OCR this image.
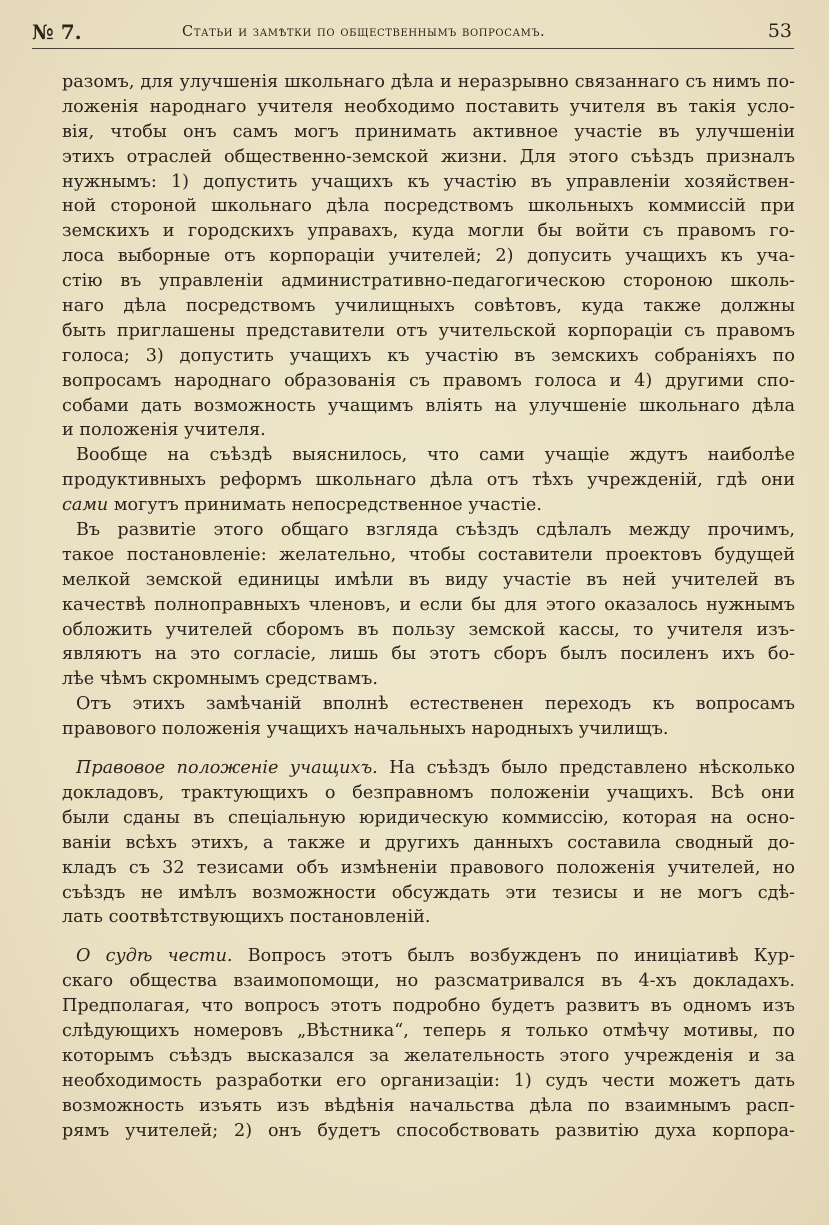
№ 7.	Статьи и замѣтки по общественнымъ вопросамъ.	53
разомъ, для улучшенія школьнаго дѣла и неразрывно связаннаго съ нимъ по-
ложенія народнаго учителя необходимо поставить учителя въ такія усло-
вія, чтобы онъ самъ могъ принимать активное участіе въ улучшеніи
этихъ отраслей общественно-земской жизни. Для этого съѣздъ призналъ
нужнымъ: 1) допустить учащихъ къ участію въ управленіи хозяйствен-
ной стороной школьнаго дѣла посредствомъ школьныхъ коммиссій при
земскихъ и городскихъ управахъ, куда могли бы войти съ правомъ го-
лоса выборные отъ корпораціи учителей; 2) допусить учащихъ къ уча-
стію въ управленіи административно-педагогическою стороною школь-
наго дѣла посредствомъ училищныхъ совѣтовъ, куда также должны
быть приглашены представители отъ учительской корпораціи съ правомъ
голоса; 3) допустить учащихъ къ участію въ земскихъ собраніяхъ по
вопросамъ народнаго образованія съ правомъ голоса и 4) другими спо-
собами дать возможность учащимъ вліять на улучшеніе школьнаго дѣла
и положенія учителя.
Вообще на съѣздѣ выяснилось, что сами учащіе ждутъ наиболѣе
продуктивныхъ реформъ школьнаго дѣла отъ тѣхъ учрежденій, гдѣ они
сами могутъ принимать непосредственное участіе.
Въ развитіе этого общаго взгляда съѣздъ сдѣлалъ между прочимъ,
такое постановленіе: желательно, чтобы составители проектовъ будущей
мелкой земской единицы имѣли въ виду участіе въ ней учителей въ
качествѣ полноправныхъ членовъ, и если бы для этого оказалось нужнымъ
обложить учителей сборомъ въ пользу земской кассы, то учителя изъ-
являютъ на это согласіе, лишь бы этотъ сборъ былъ посиленъ ихъ бо-
лѣе чѣмъ скромнымъ средствамъ.
Отъ этихъ замѣчаній вполнѣ естественен переходъ къ вопросамъ
правового положенія учащихъ начальныхъ народныхъ училищъ.
Правовое положеніе учащихъ. На съѣздъ было представлено нѣсколько
докладовъ, трактующихъ о безправномъ положеніи учащихъ. Всѣ они
были сданы въ спеціальную юридическую коммиссію, которая на осно-
ваніи всѣхъ этихъ, а также и другихъ данныхъ составила сводный до-
кладъ съ 32 тезисами объ измѣненіи правового положенія учителей, но
съѣздъ не имѣлъ возможности обсуждать эти тезисы и не могъ сдѣ-
лать соотвѣтствующихъ постановленій.
О судѣ чести. Вопросъ этотъ былъ возбужденъ по иниціативѣ Кур-
скаго общества взаимопомощи, но разсматривался въ 4-хъ докладахъ.
Предполагая, что вопросъ этотъ подробно будетъ развитъ въ одномъ изъ
слѣдующихъ номеровъ „Вѣстника“, теперь я только отмѣчу мотивы, по
которымъ съѣздъ высказался за желательность этого учрежденія и за
необходимость разработки его организаціи: 1) судъ чести можетъ дать
возможность изъять изъ вѣдѣнія начальства дѣла по взаимнымъ расп-
рямъ учителей; 2) онъ будетъ способствовать развитію духа корпора-
